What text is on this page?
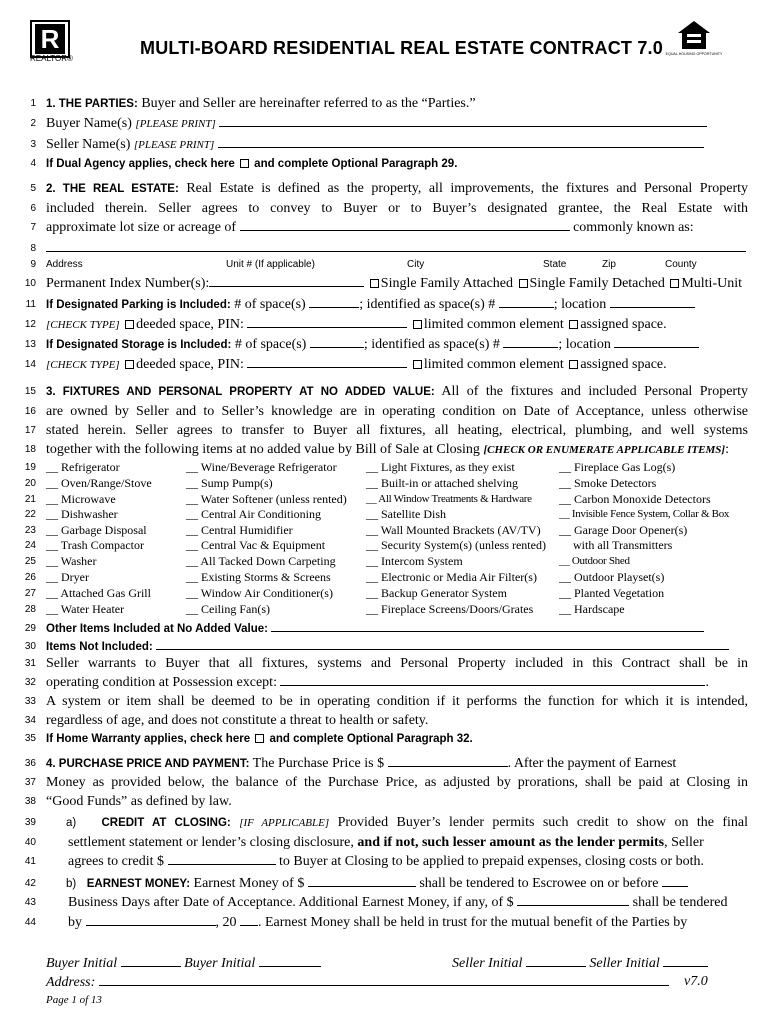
R
REALTOR®
MULTI-BOARD RESIDENTIAL REAL ESTATE CONTRACT 7.0 EQUAL HOUSING OPPORTUNITY
1 1. THE PARTIES: Buyer and Seller are hereinafter referred to as the “Parties.”
2 Buyer Name(s) [PLEASE PRINT]
3 Seller Name(s) [PLEASE PRINT]
4 If Dual Agency applies, check here and complete Optional Paragraph 29.
5 2. THE REAL ESTATE: Real Estate is defined as the property, all improvements, the fixtures and Personal Property
6 included therein. Seller agrees to convey to Buyer or to Buyer’s designated grantee, the Real Estate with
7 approximate lot size or acreage of	commonly known as:
8
9 Address	Unit # (If applicable)	City	State	Zip	County
10 Permanent Index Number(s):	Single Family Attached Single Family Detached Multi-Unit
11 If Designated Parking is Included: # of space(s)	; identified as space(s) #	; location
12 [CHECK TYPE] deeded space, PIN:	limited common element assigned space.
13 If Designated Storage is Included: # of space(s)	; identified as space(s) #	; location
14 [CHECK TYPE] deeded space, PIN:	limited common element assigned space.
15 3. FIXTURES AND PERSONAL PROPERTY AT NO ADDED VALUE: All of the fixtures and included Personal Property
16 are owned by Seller and to Seller’s knowledge are in operating condition on Date of Acceptance, unless otherwise
17 stated herein. Seller agrees to transfer to Buyer all fixtures, all heating, electrical, plumbing, and well systems
18 together with the following items at no added value by Bill of Sale at Closing [CHECK OR ENUMERATE APPLICABLE ITEMS]:
19 __ Refrigerator	__ Wine/Beverage Refrigerator __ Light Fixtures, as they exist	__ Fireplace Gas Log(s)
20 __ Oven/Range/Stove	__ Sump Pump(s)	__ Built-in or attached shelving	__ Smoke Detectors
21 __ Microwave	__ Water Softener (unless rented) __ All Window Treatments & Hardware __ Carbon Monoxide Detectors
22 __ Dishwasher	__ Central Air Conditioning	__ Satellite Dish	__ Invisible Fence System, Collar & Box
23 __ Garbage Disposal	__ Central Humidifier	__ Wall Mounted Brackets (AV/TV) __ Garage Door Opener(s)
24 __ Trash Compactor	__ Central Vac & Equipment	__ Security System(s) (unless rented) with all Transmitters
25 __ Washer	__ All Tacked Down Carpeting	__ Intercom System	__ Outdoor Shed
26 __ Dryer	__ Existing Storms & Screens	__ Electronic or Media Air Filter(s) __ Outdoor Playset(s)
27 __ Attached Gas Grill	__ Window Air Conditioner(s)	__ Backup Generator System	__ Planted Vegetation
28 __ Water Heater	__ Ceiling Fan(s)	__ Fireplace Screens/Doors/Grates __ Hardscape
29 Other Items Included at No Added Value:
30 Items Not Included:
31 Seller warrants to Buyer that all fixtures, systems and Personal Property included in this Contract shall be in
32 operating condition at Possession except:	.
33 A system or item shall be deemed to be in operating condition if it performs the function for which it is intended,
34 regardless of age, and does not constitute a threat to health or safety.
35 If Home Warranty applies, check here and complete Optional Paragraph 32.
36 4. PURCHASE PRICE AND PAYMENT: The Purchase Price is $	. After the payment of Earnest
37 Money as provided below, the balance of the Purchase Price, as adjusted by prorations, shall be paid at Closing in
38 “Good Funds” as defined by law.
39	a) CREDIT AT CLOSING: [IF APPLICABLE] Provided Buyer’s lender permits such credit to show on the final
40 settlement statement or lender’s closing disclosure, and if not, such lesser amount as the lender permits, Seller
41 agrees to credit $	to Buyer at Closing to be applied to prepaid expenses, closing costs or both.
42	b) EARNEST MONEY: Earnest Money of $	shall be tendered to Escrowee on or before
43 Business Days after Date of Acceptance. Additional Earnest Money, if any, of $	shall be tendered
44 by	, 20 . Earnest Money shall be held in trust for the mutual benefit of the Parties by
Buyer Initial	Buyer Initial	Seller Initial	Seller Initial
Address:	v7.0
Page 1 of 13
